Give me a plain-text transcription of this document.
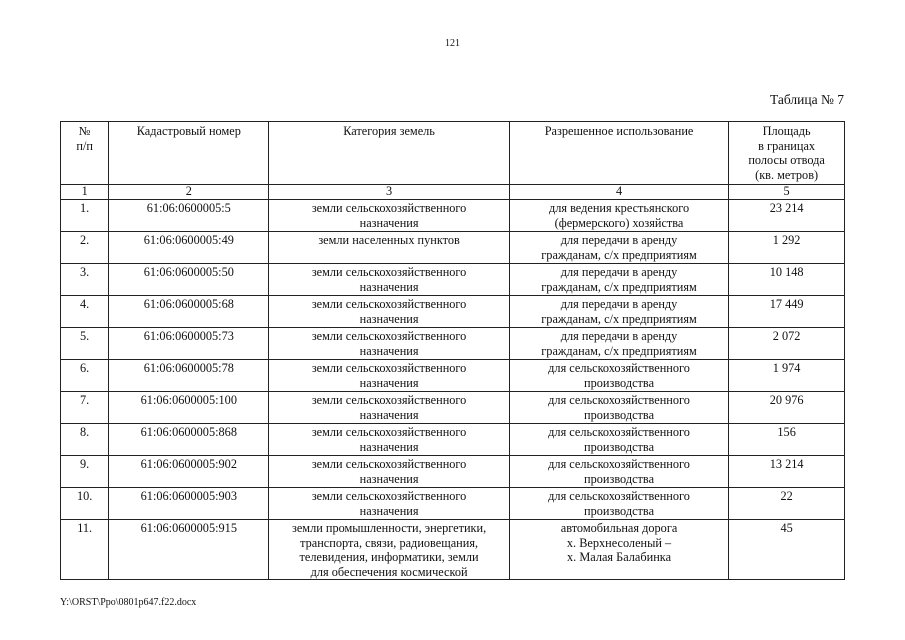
121
Таблица № 7
№
п/п	Кадастровый номер	Категория земель	Разрешенное использование	Площадь
в границах
полосы отвода
(кв. метров)
1	2	3	4	5
1.	61:06:0600005:5	земли сельскохозяйственного
назначения	для ведения крестьянского
(фермерского) хозяйства	23 214
2.	61:06:0600005:49	земли населенных пунктов	для передачи в аренду
гражданам, с/х предприятиям	1 292
3.	61:06:0600005:50	земли сельскохозяйственного
назначения	для передачи в аренду
гражданам, с/х предприятиям	10 148
4.	61:06:0600005:68	земли сельскохозяйственного
назначения	для передачи в аренду
гражданам, с/х предприятиям	17 449
5.	61:06:0600005:73	земли сельскохозяйственного
назначения	для передачи в аренду
гражданам, с/х предприятиям	2 072
6.	61:06:0600005:78	земли сельскохозяйственного
назначения	для сельскохозяйственного
производства	1 974
7.	61:06:0600005:100	земли сельскохозяйственного
назначения	для сельскохозяйственного
производства	20 976
8.	61:06:0600005:868	земли сельскохозяйственного
назначения	для сельскохозяйственного
производства	156
9.	61:06:0600005:902	земли сельскохозяйственного
назначения	для сельскохозяйственного
производства	13 214
10.	61:06:0600005:903	земли сельскохозяйственного
назначения	для сельскохозяйственного
производства	22
11.	61:06:0600005:915	земли промышленности, энергетики,
транспорта, связи, радиовещания,
телевидения, информатики, земли
для обеспечения космической	автомобильная дорога
х. Верхнесоленый –
х. Малая Балабинка	45
Y:\ORST\Ppo\0801p647.f22.docx
